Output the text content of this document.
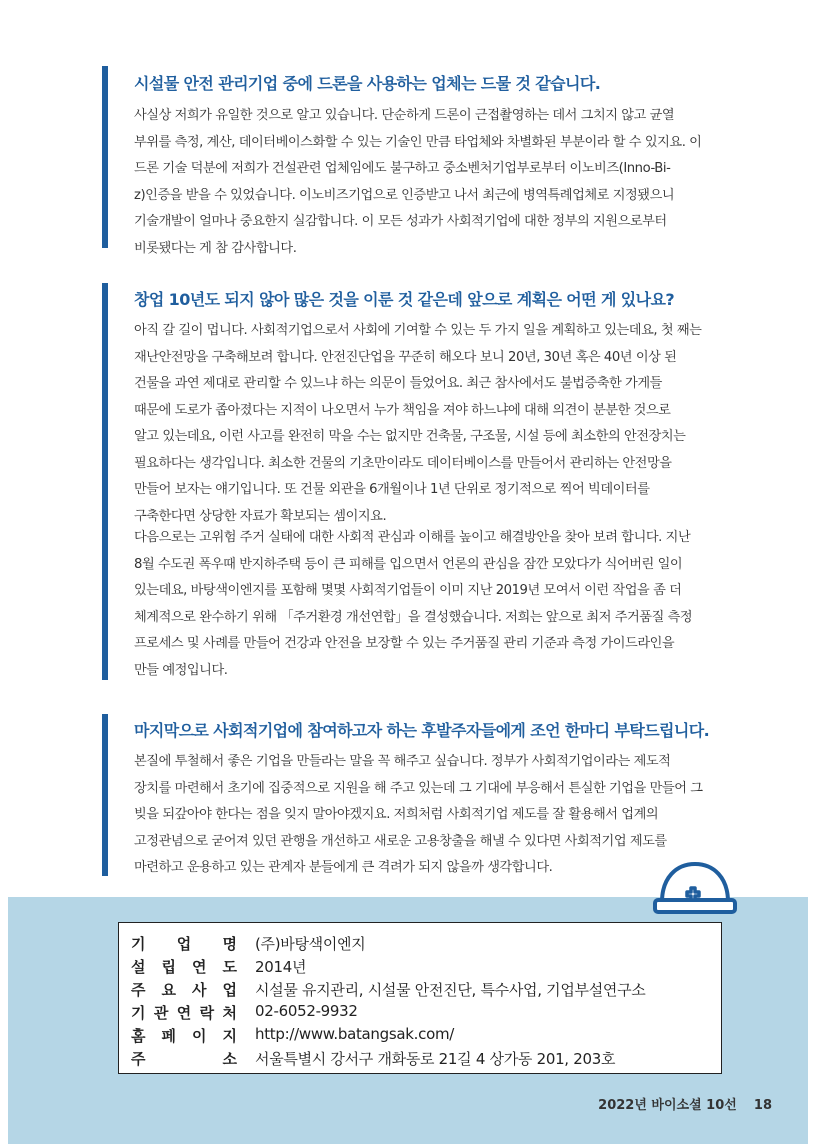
시설물 안전 관리기업 중에 드론을 사용하는 업체는 드물 것 같습니다.
사실상 저희가 유일한 것으로 알고 있습니다. 단순하게 드론이 근접촬영하는 데서 그치지 않고 균열
부위를 측정, 계산, 데이터베이스화할 수 있는 기술인 만큼 타업체와 차별화된 부분이라 할 수 있지요. 이
드론 기술 덕분에 저희가 건설관련 업체임에도 불구하고 중소벤처기업부로부터 이노비즈(Inno-Bi-
z)인증을 받을 수 있었습니다. 이노비즈기업으로 인증받고 나서 최근에 병역특례업체로 지정됐으니
기술개발이 얼마나 중요한지 실감합니다. 이 모든 성과가 사회적기업에 대한 정부의 지원으로부터
비롯됐다는 게 참 감사합니다.
창업 10년도 되지 않아 많은 것을 이룬 것 같은데 앞으로 계획은 어떤 게 있나요?
아직 갈 길이 멉니다. 사회적기업으로서 사회에 기여할 수 있는 두 가지 일을 계획하고 있는데요, 첫 째는
재난안전망을 구축해보려 합니다. 안전진단업을 꾸준히 해오다 보니 20년, 30년 혹은 40년 이상 된
건물을 과연 제대로 관리할 수 있느냐 하는 의문이 들었어요. 최근 참사에서도 불법증축한 가게들
때문에 도로가 좁아졌다는 지적이 나오면서 누가 책임을 져야 하느냐에 대해 의견이 분분한 것으로
알고 있는데요, 이런 사고를 완전히 막을 수는 없지만 건축물, 구조물, 시설 등에 최소한의 안전장치는
필요하다는 생각입니다. 최소한 건물의 기초만이라도 데이터베이스를 만들어서 관리하는 안전망을
만들어 보자는 얘기입니다. 또 건물 외관을 6개월이나 1년 단위로 정기적으로 찍어 빅데이터를
구축한다면 상당한 자료가 확보되는 셈이지요.
다음으로는 고위험 주거 실태에 대한 사회적 관심과 이해를 높이고 해결방안을 찾아 보려 합니다. 지난
8월 수도권 폭우때 반지하주택 등이 큰 피해를 입으면서 언론의 관심을 잠깐 모았다가 식어버린 일이
있는데요, 바탕색이엔지를 포함해 몇몇 사회적기업들이 이미 지난 2019년 모여서 이런 작업을 좀 더
체계적으로 완수하기 위해 「주거환경 개선연합」을 결성했습니다. 저희는 앞으로 최저 주거품질 측정
프로세스 및 사례를 만들어 건강과 안전을 보장할 수 있는 주거품질 관리 기준과 측정 가이드라인을
만들 예정입니다.
마지막으로 사회적기업에 참여하고자 하는 후발주자들에게 조언 한마디 부탁드립니다.
본질에 투철해서 좋은 기업을 만들라는 말을 꼭 해주고 싶습니다. 정부가 사회적기업이라는 제도적
장치를 마련해서 초기에 집중적으로 지원을 해 주고 있는데 그 기대에 부응해서 튼실한 기업을 만들어 그
빚을 되갚아야 한다는 점을 잊지 말아야겠지요. 저희처럼 사회적기업 제도를 잘 활용해서 업계의
고정관념으로 굳어져 있던 관행을 개선하고 새로운 고용창출을 해낼 수 있다면 사회적기업 제도를
마련하고 운용하고 있는 관계자 분들에게 큰 격려가 되지 않을까 생각합니다.
기 업 명 (주)바탕색이엔지
설 립 연 도 2014년
주 요 사 업 시설물 유지관리, 시설물 안전진단, 특수사업, 기업부설연구소
기 관 연 락 처 02-6052-9932
홈 페 이 지 http://www.batangsak.com/
주	소 서울특별시 강서구 개화동로 21길 4 상가동 201, 203호
2022년 바이소셜 10선 18
